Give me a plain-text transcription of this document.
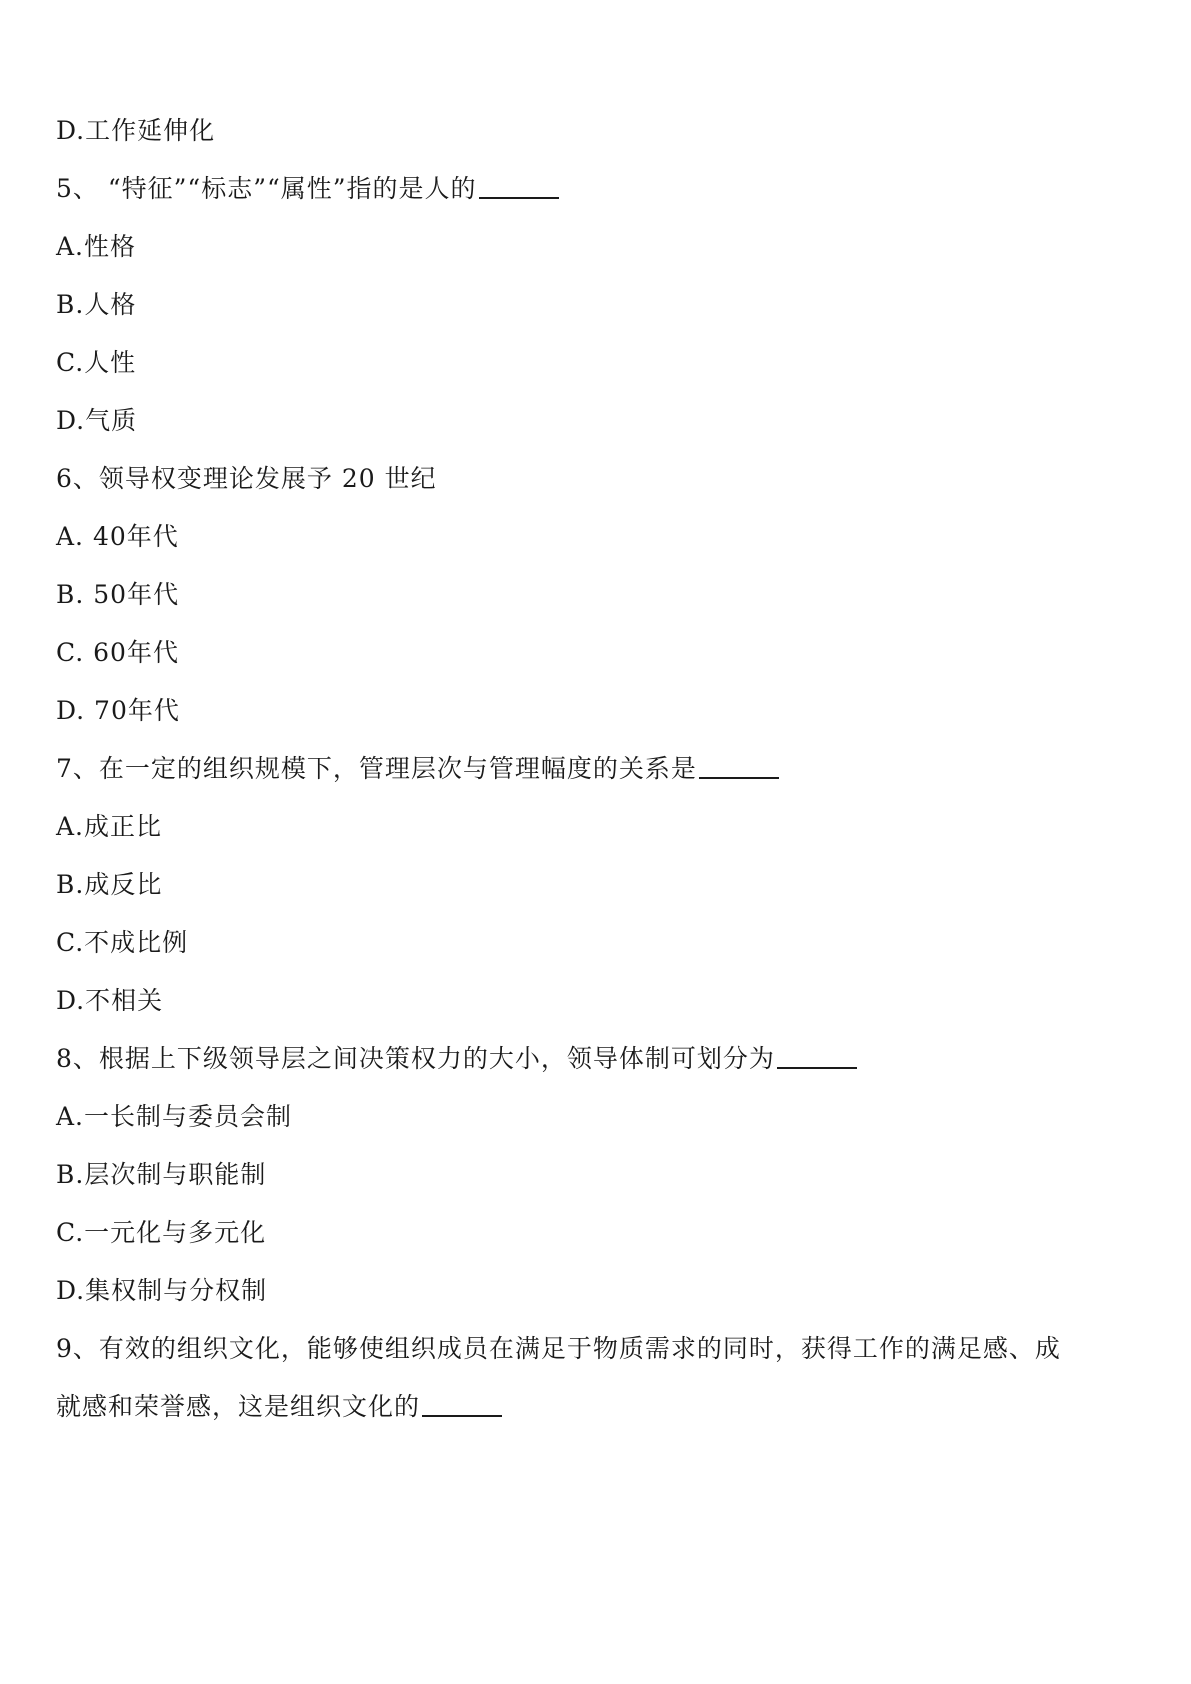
D.工作延伸化
5、 “特征”“标志”“属性”指的是人的
A.性格
B.人格
C.人性
D.气质
6、领导权变理论发展予 20 世纪
A. 40年代
B. 50年代
C. 60年代
D. 70年代
7、在一定的组织规模下，管理层次与管理幅度的关系是
A.成正比
B.成反比
C.不成比例
D.不相关
8、根据上下级领导层之间决策权力的大小，领导体制可划分为
A.一长制与委员会制
B.层次制与职能制
C.一元化与多元化
D.集权制与分权制
9、有效的组织文化，能够使组织成员在满足于物质需求的同时，获得工作的满足感、成
就感和荣誉感，这是组织文化的
